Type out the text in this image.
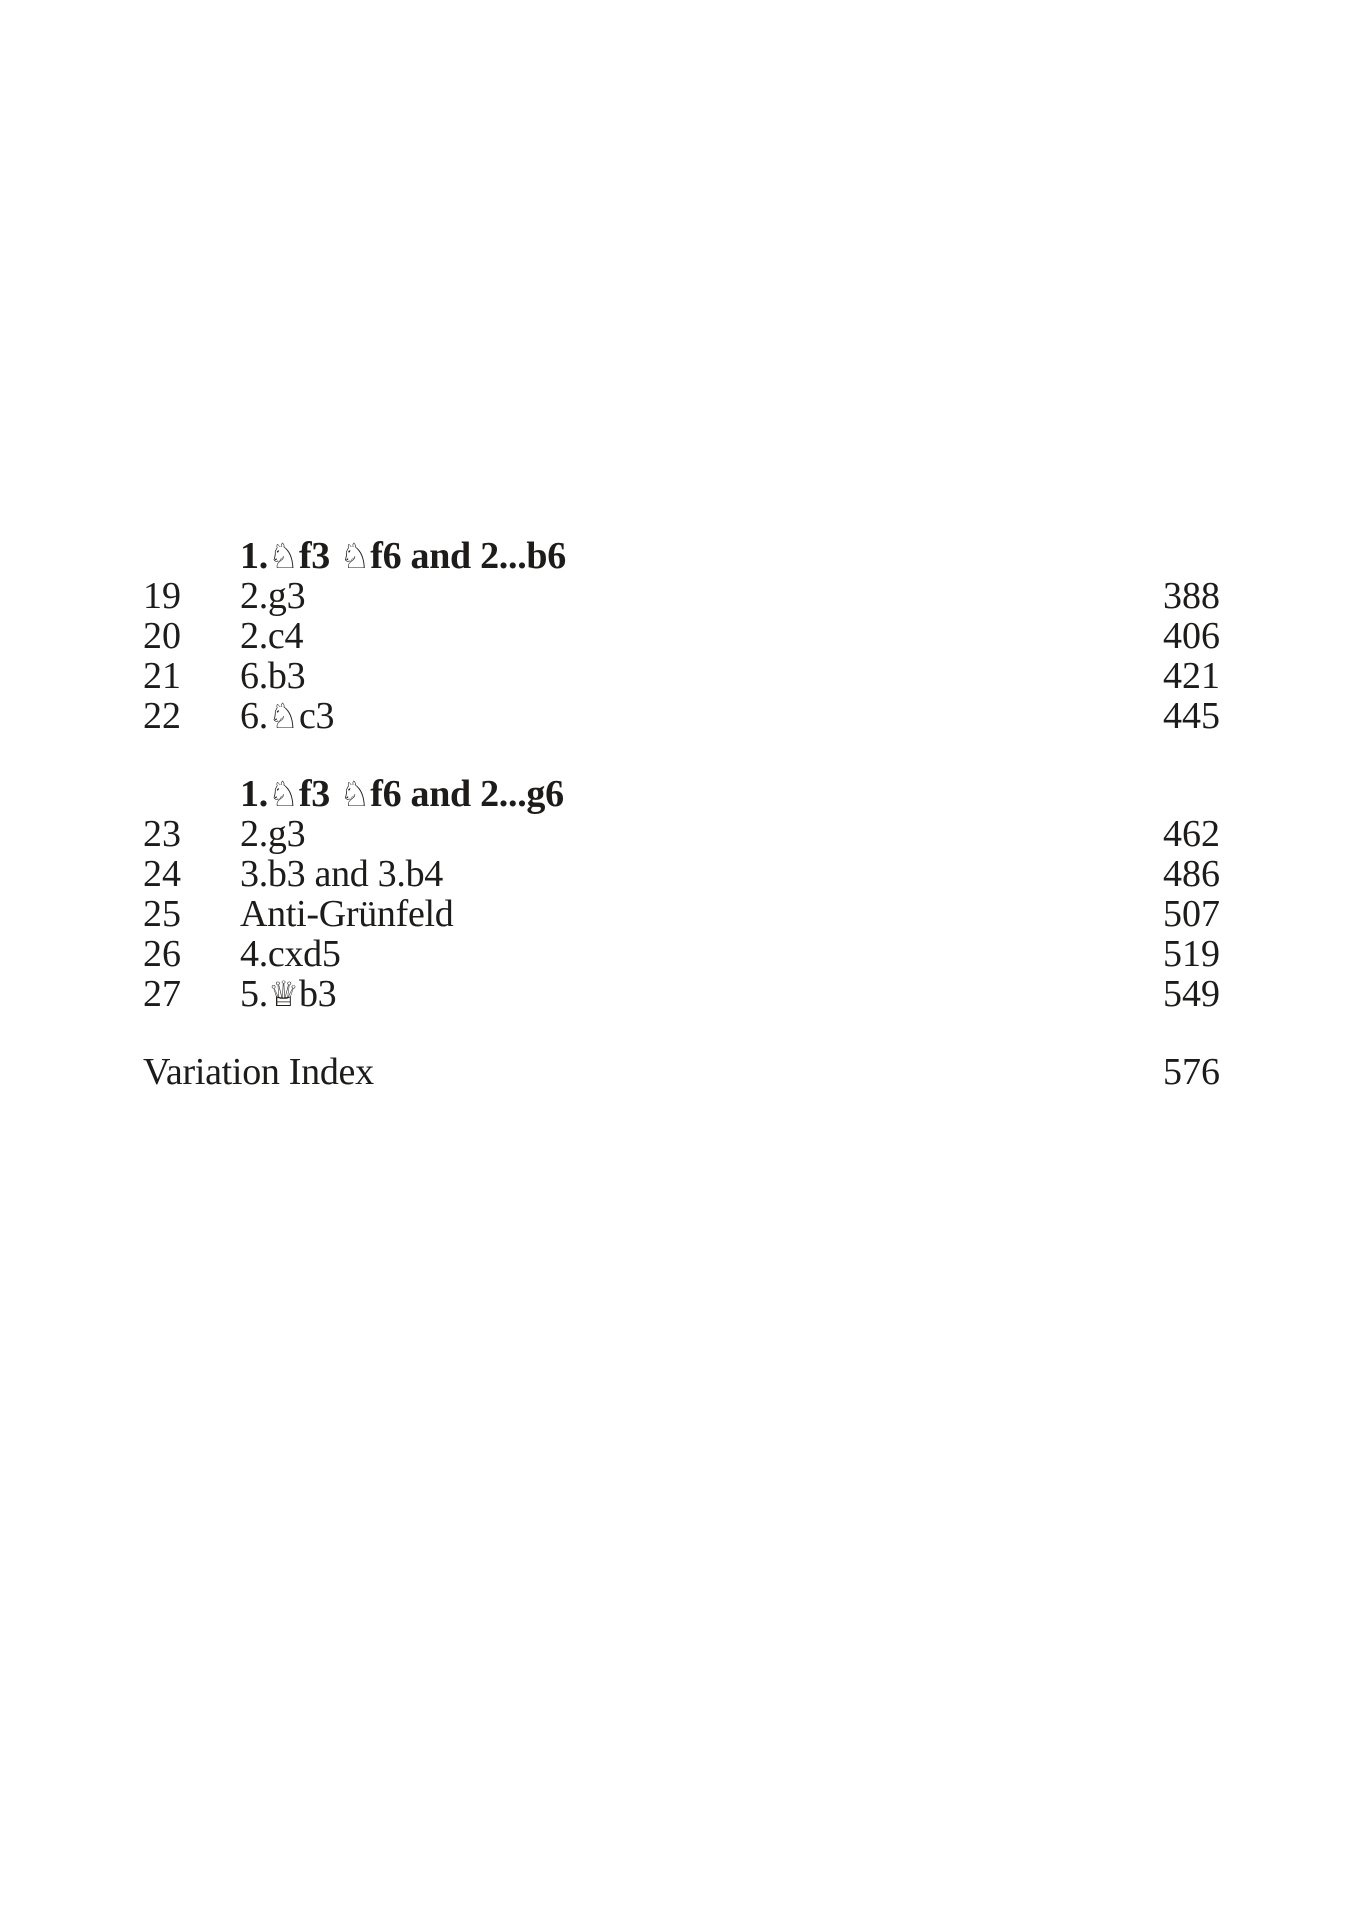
1.♘f3 ♘f6 and 2...b6
19	2.g3	388
20	2.c4	406
21	6.b3	421
22	6.♘c3	445
1.♘f3 ♘f6 and 2...g6
23	2.g3	462
24	3.b3 and 3.b4	486
25	Anti-Grünfeld	507
26	4.cxd5	519
27	5.♕b3	549
Variation Index	576
